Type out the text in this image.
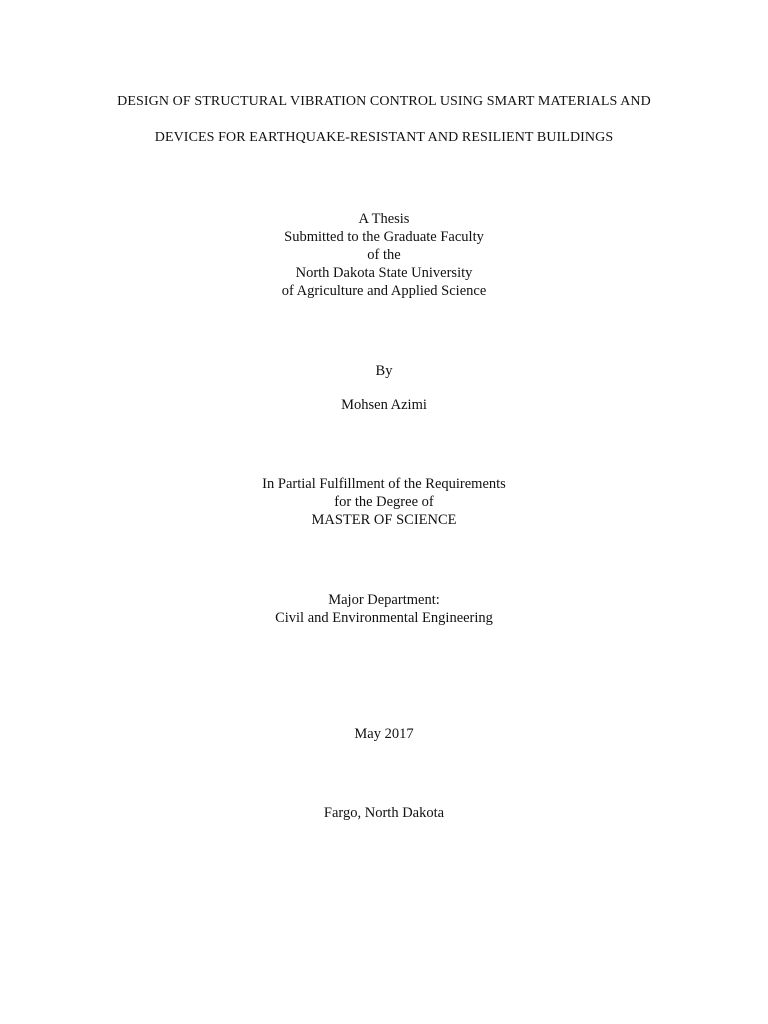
DESIGN OF STRUCTURAL VIBRATION CONTROL USING SMART MATERIALS AND
DEVICES FOR EARTHQUAKE-RESISTANT AND RESILIENT BUILDINGS
A Thesis
Submitted to the Graduate Faculty
of the
North Dakota State University
of Agriculture and Applied Science
By
Mohsen Azimi
In Partial Fulfillment of the Requirements
for the Degree of
MASTER OF SCIENCE
Major Department:
Civil and Environmental Engineering
May 2017
Fargo, North Dakota
